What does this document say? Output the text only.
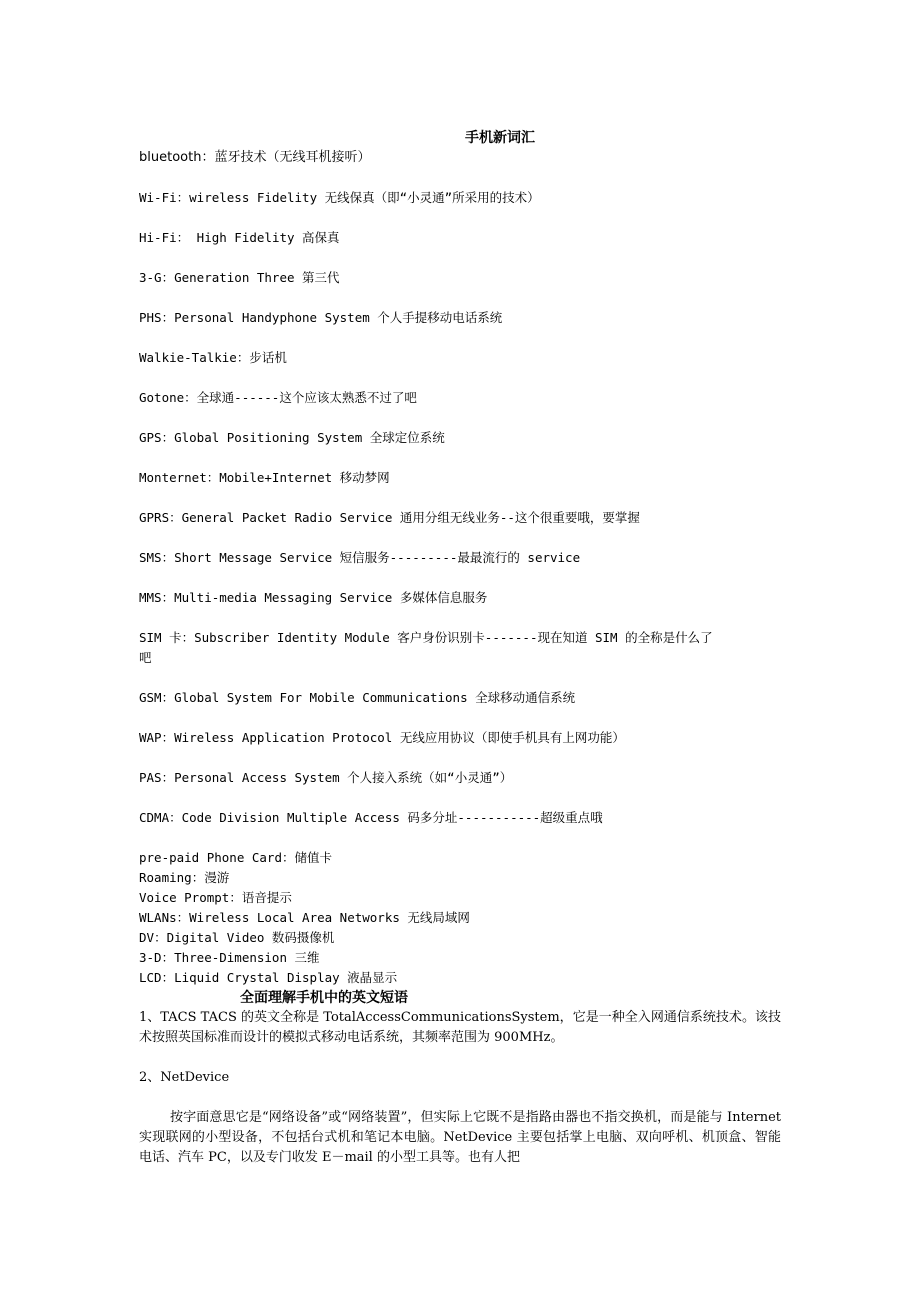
手机新词汇
bluetooth：蓝牙技术（无线耳机接听）
Wi-Fi：wireless Fidelity 无线保真（即“小灵通”所采用的技术）
Hi-Fi： High Fidelity 高保真
3-G：Generation Three 第三代
PHS：Personal Handyphone System 个人手提移动电话系统
Walkie-Talkie：步话机
Gotone：全球通------这个应该太熟悉不过了吧
GPS：Global Positioning System 全球定位系统
Monternet：Mobile+Internet 移动梦网
GPRS：General Packet Radio Service 通用分组无线业务--这个很重要哦，要掌握
SMS：Short Message Service 短信服务---------最最流行的 service
MMS：Multi-media Messaging Service 多媒体信息服务
SIM 卡：Subscriber Identity Module 客户身份识别卡-------现在知道 SIM 的全称是什么了
吧
GSM：Global System For Mobile Communications 全球移动通信系统
WAP：Wireless Application Protocol 无线应用协议（即使手机具有上网功能）
PAS：Personal Access System 个人接入系统（如“小灵通”）
CDMA：Code Division Multiple Access 码多分址-----------超级重点哦
pre-paid Phone Card：储值卡
Roaming：漫游
Voice Prompt：语音提示
WLANs：Wireless Local Area Networks 无线局域网
DV：Digital Video 数码摄像机
3-D：Three-Dimension 三维
LCD：Liquid Crystal Display 液晶显示
全面理解手机中的英文短语
1、TACS TACS 的英文全称是 TotalAccessCommunicationsSystem，它是一种全入网通信系统技术。该技术按照英国标准而设计的模拟式移动电话系统，其频率范围为 900MHz。
2、NetDevice
按字面意思它是“网络设备”或“网络装置”，但实际上它既不是指路由器也不指交换机，而是能与 Internet 实现联网的小型设备，不包括台式机和笔记本电脑。NetDevice 主要包括掌上电脑、双向呼机、机顶盒、智能电话、汽车 PC，以及专门收发 E－mail 的小型工具等。也有人把
